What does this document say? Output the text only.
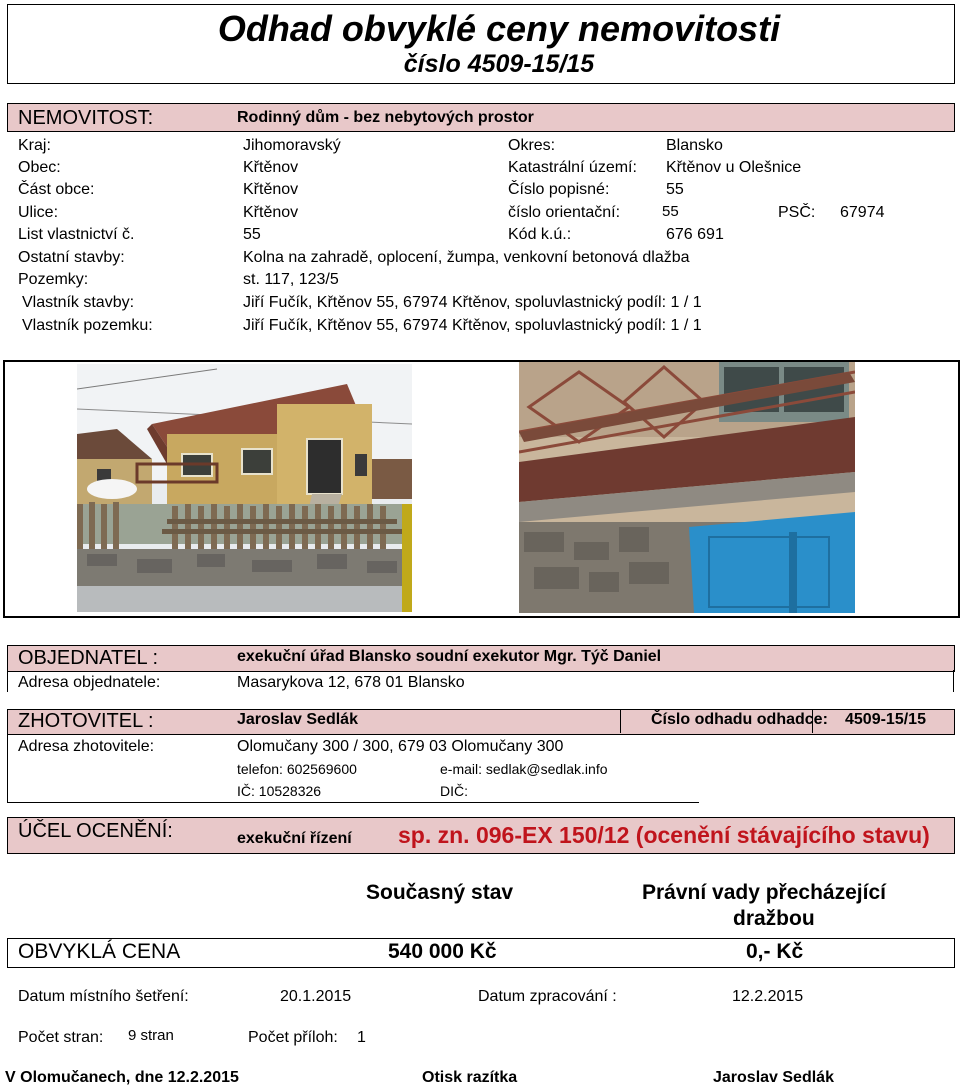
Odhad obvyklé ceny nemovitosti
číslo 4509-15/15
NEMOVITOST:	Rodinný dům - bez nebytových prostor
Kraj:	Jihomoravský	Okres:	Blansko
Obec:	Křtěnov	Katastrální území: Křtěnov u Olešnice
Část obce:	Křtěnov	Číslo popisné:	55
Ulice:	Křtěnov	číslo orientační:	55	PSČ: 67974
List vlastnictví č.	55	Kód k.ú.:	676 691
Ostatní stavby:	Kolna na zahradě, oplocení, žumpa, venkovní betonová dlažba
Pozemky:	st. 117, 123/5
Vlastník stavby:	Jiří Fučík, Křtěnov 55, 67974 Křtěnov, spoluvlastnický podíl: 1 / 1
Vlastník pozemku:	Jiří Fučík, Křtěnov 55, 67974 Křtěnov, spoluvlastnický podíl: 1 / 1
OBJEDNATEL :	exekuční úřad Blansko soudní exekutor Mgr. Týč Daniel
Adresa objednatele:	Masarykova 12, 678 01 Blansko
ZHOTOVITEL :	Jaroslav Sedlák	Číslo odhadu odhadce: 4509-15/15
Adresa zhotovitele:	Olomučany 300 / 300, 679 03 Olomučany 300
telefon: 602569600	e-mail: sedlak@sedlak.info
IČ: 10528326	DIČ:
ÚČEL OCENĚNÍ:	exekuční řízení sp. zn. 096-EX 150/12 (ocenění stávajícího stavu)
Současný stav	Právní vady přecházející
dražbou
OBVYKLÁ CENA	540 000 Kč	0,- Kč
Datum místního šetření:	20.1.2015	Datum zpracování :	12.2.2015
Počet stran: 9 stran	Počet příloh: 1
V Olomučanech, dne 12.2.2015	Otisk razítka	Jaroslav Sedlák
